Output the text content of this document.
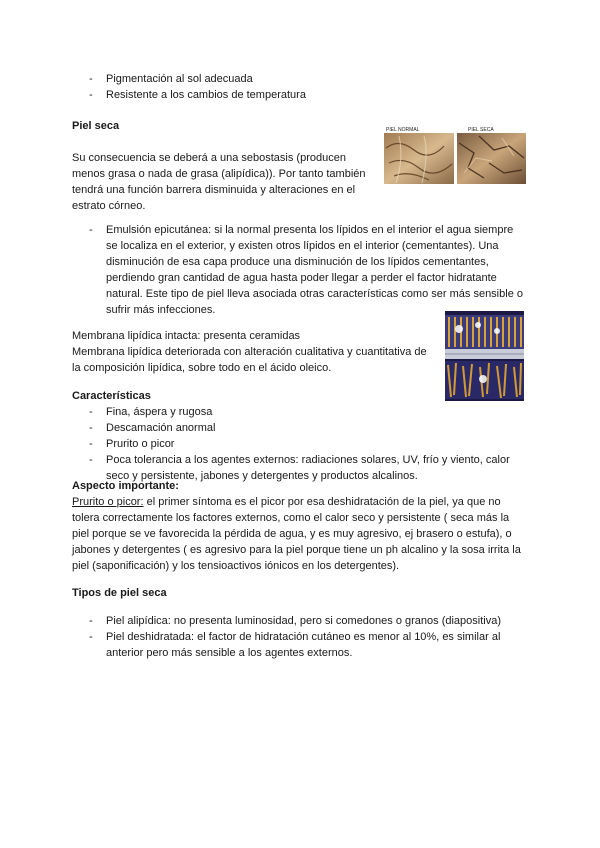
- Pigmentación al sol adecuada
- Resistente a los cambios de temperatura
Piel seca	PIEL NORMAL	PIEL SECA

Su consecuencia se deberá a una sebostasis (producen menos grasa o nada de grasa (alipídica)). Por tanto también tendrá una función barrera disminuida y alteraciones en el estrato córneo.

- Emulsión epicutánea: si la normal presenta los lípidos en el interior el agua siempre se localiza en el exterior, y existen otros lípidos en el interior (cementantes). Una disminución de esa capa produce una disminución de los lípidos cementantes, perdiendo gran cantidad de agua hasta poder llegar a perder el factor hidratante natural. Este tipo de piel lleva asociada otras características como ser más sensible o sufrir más infecciones.

Membrana lipídica intacta: presenta ceramidas

Membrana lipídica deteriorada con alteración cualitativa y cuantitativa de la composición lipídica, sobre todo en el ácido oleico.

Características
- Fina, áspera y rugosa
- Descamación anormal
- Prurito o picor
- Poca tolerancia a los agentes externos: radiaciones solares, UV, frío y viento, calor seco y persistente, jabones y detergentes y productos alcalinos.
Aspecto importante:

Prurito o picor: el primer síntoma es el picor por esa deshidratación de la piel, ya que no tolera correctamente los factores externos, como el calor seco y persistente ( seca más la piel porque se ve favorecida la pérdida de agua, y es muy agresivo, ej brasero o estufa), o jabones y detergentes ( es agresivo para la piel porque tiene un ph alcalino y la sosa irrita la piel (saponificación) y los tensioactivos iónicos en los detergentes).

Tipos de piel seca
- Piel alipídica: no presenta luminosidad, pero si comedones o granos (diapositiva)
- Piel deshidratada: el factor de hidratación cutáneo es menor al 10%, es similar al anterior pero más sensible a los agentes externos.
